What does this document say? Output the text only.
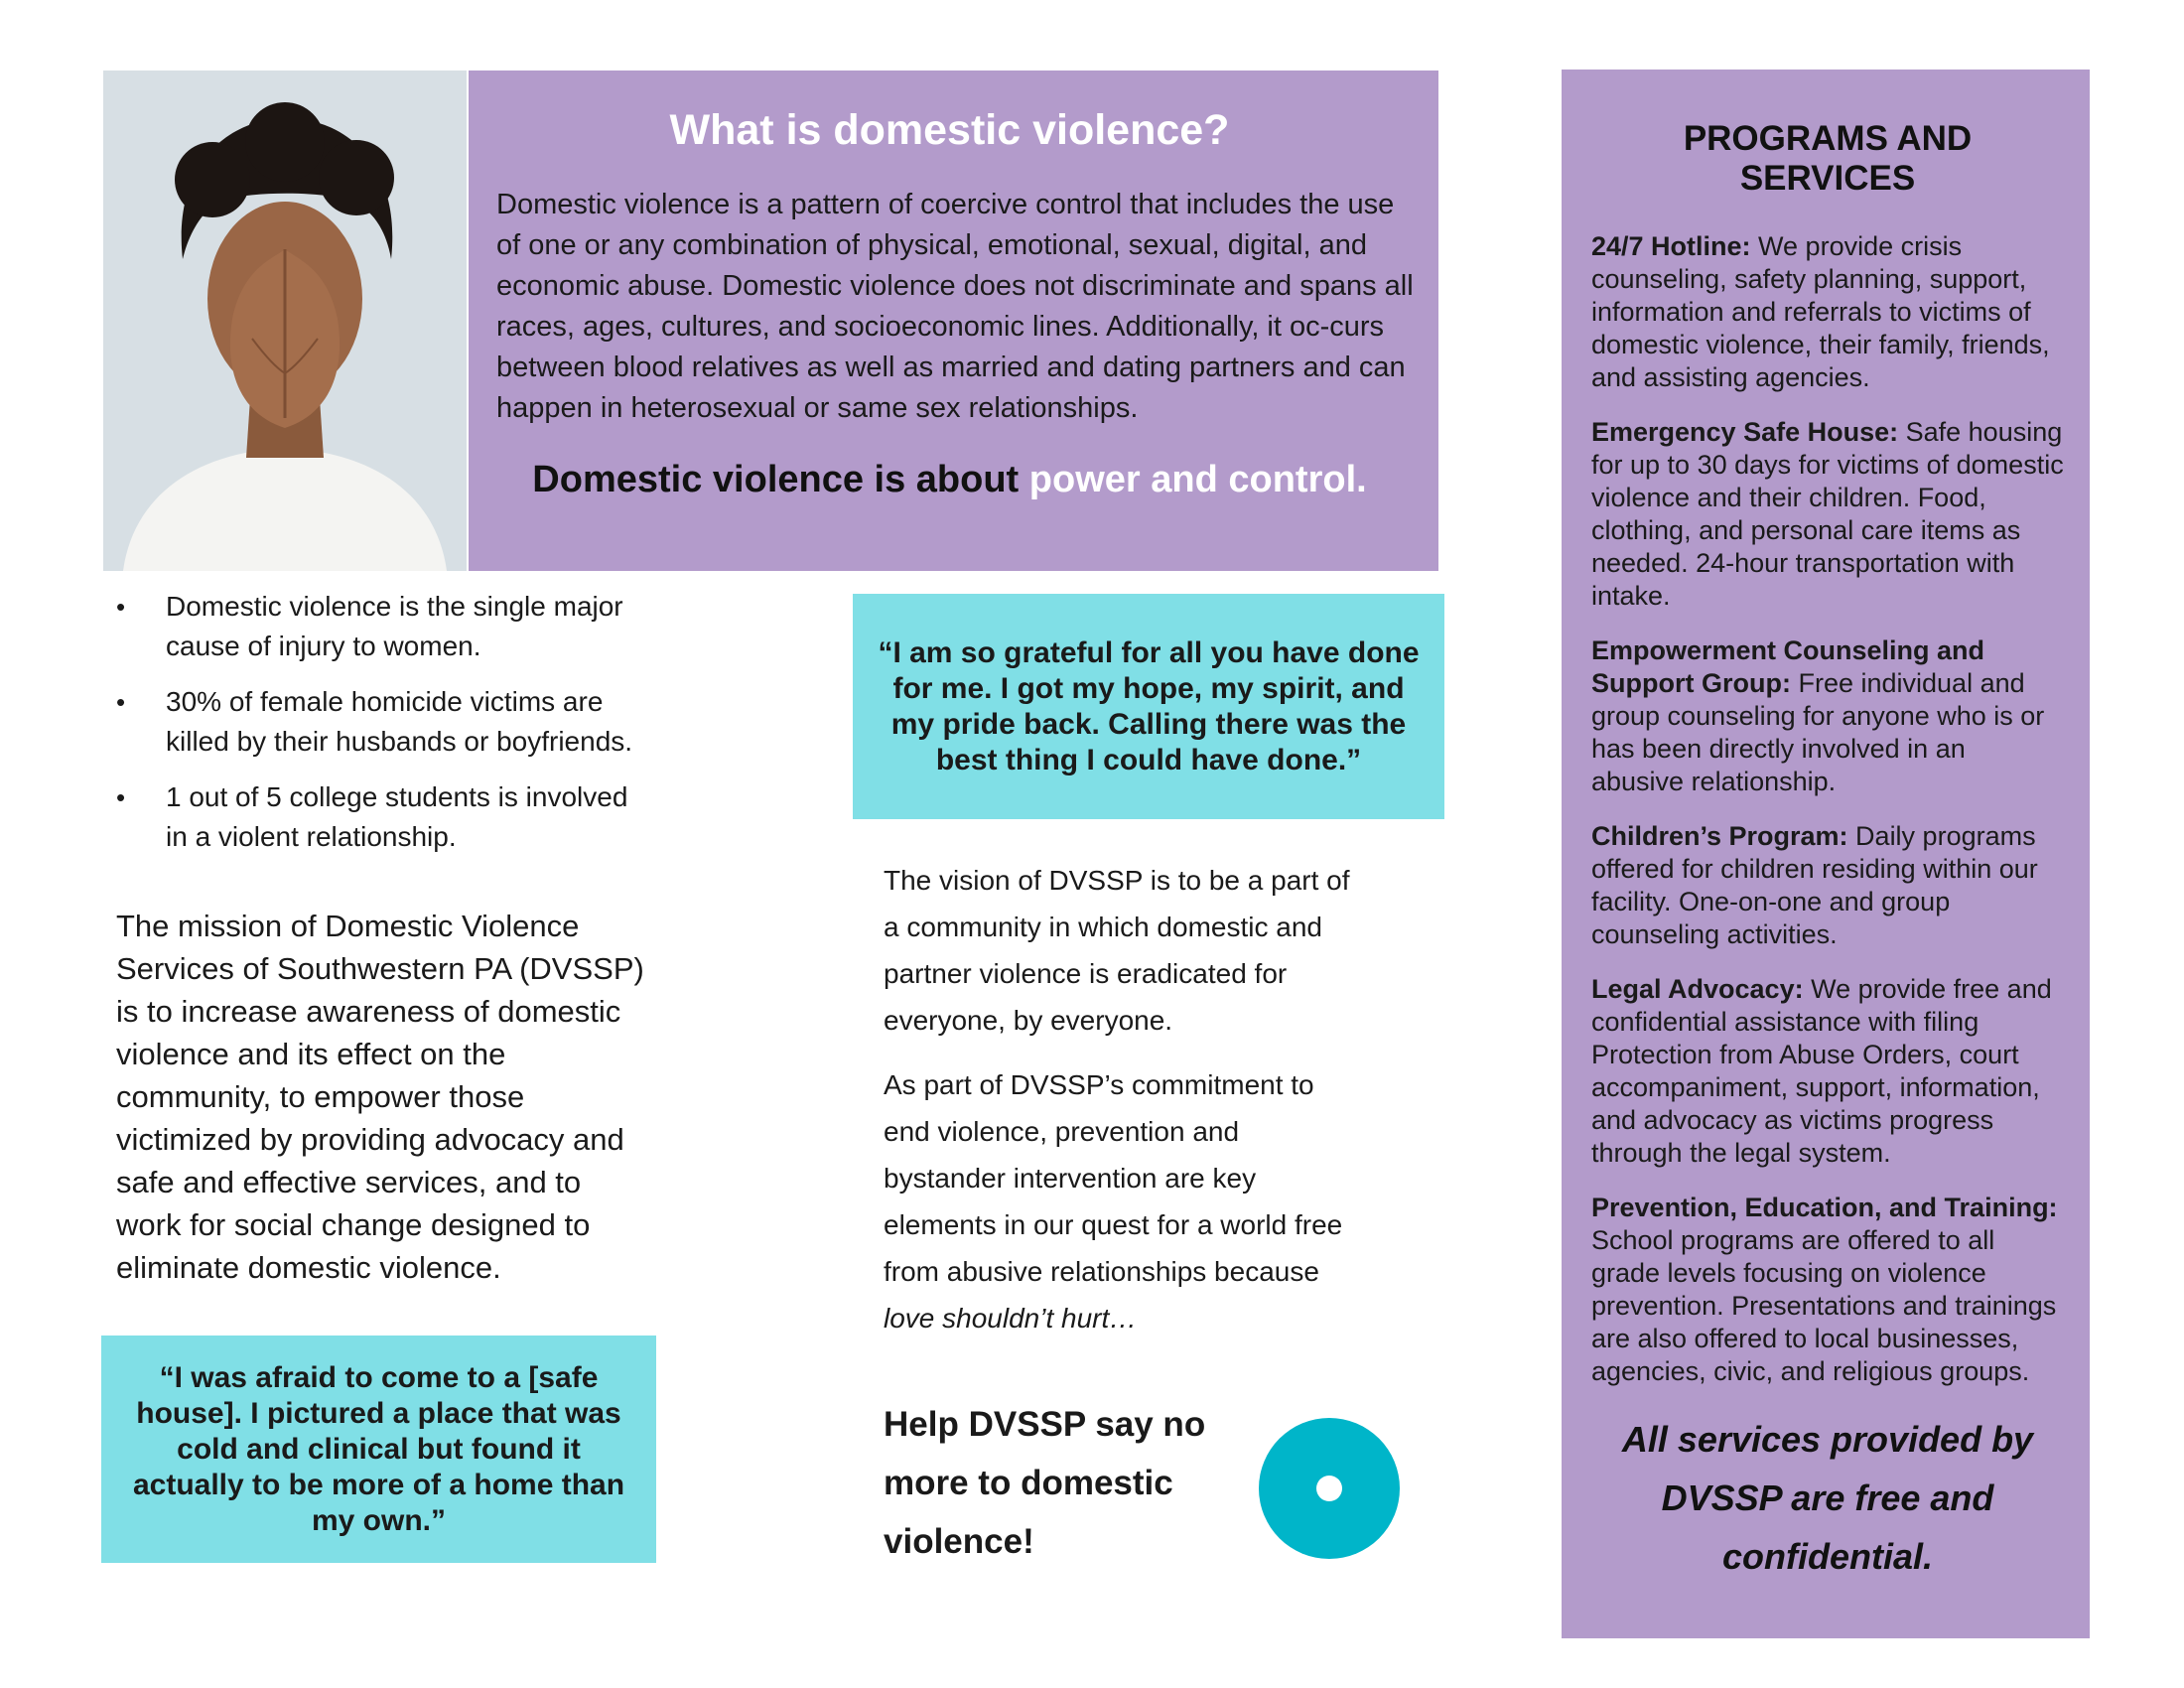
What is domestic violence?

Domestic violence is a pattern of coercive control that includes the use of one or any combination of physical, emotional, sexual, digital, and economic abuse. Domestic violence does not discriminate and spans all races, ages, cultures, and socioeconomic lines. Additionally, it oc-curs between blood relatives as well as married and dating partners and can happen in heterosexual or same sex relationships.

Domestic violence is about power and control.
• Domestic violence is the single major cause of injury to women.
• 30% of female homicide victims are killed by their husbands or boyfriends.
• 1 out of 5 college students is involved in a violent relationship.

The mission of Domestic Violence Services of Southwestern PA (DVSSP) is to increase awareness of domestic violence and its effect on the community, to empower those victimized by providing advocacy and safe and effective services, and to work for social change designed to eliminate domestic violence.

“I am so grateful for all you have done for me. I got my hope, my spirit, and my pride back. Calling there was the best thing I could have done.”
“I was afraid to come to a [safe house]. I pictured a place that was cold and clinical but found it actually to be more of a home than my own.”

The vision of DVSSP is to be a part of a community in which domestic and partner violence is eradicated for everyone, by everyone.

As part of DVSSP’s commitment to end violence, prevention and bystander intervention are key elements in our quest for a world free from abusive relationships because love shouldn’t hurt…

Help DVSSP say no more to domestic violence!

PROGRAMS AND SERVICES

24/7 Hotline: We provide crisis counseling, safety planning, support, information and referrals to victims of domestic violence, their family, friends, and assisting agencies.

Emergency Safe House: Safe housing for up to 30 days for victims of domestic violence and their children. Food, clothing, and personal care items as needed. 24-hour transportation with intake.

Empowerment Counseling and Support Group: Free individual and group counseling for anyone who is or has been directly involved in an abusive relationship.

Children’s Program: Daily programs offered for children residing within our facility. One-on-one and group counseling activities.

Legal Advocacy: We provide free and confidential assistance with filing Protection from Abuse Orders, court accompaniment, support, information, and advocacy as victims progress through the legal system.

Prevention, Education, and Training: School programs are offered to all grade levels focusing on violence prevention. Presentations and trainings are also offered to local businesses, agencies, civic, and religious groups.

All services provided by DVSSP are free and confidential.
